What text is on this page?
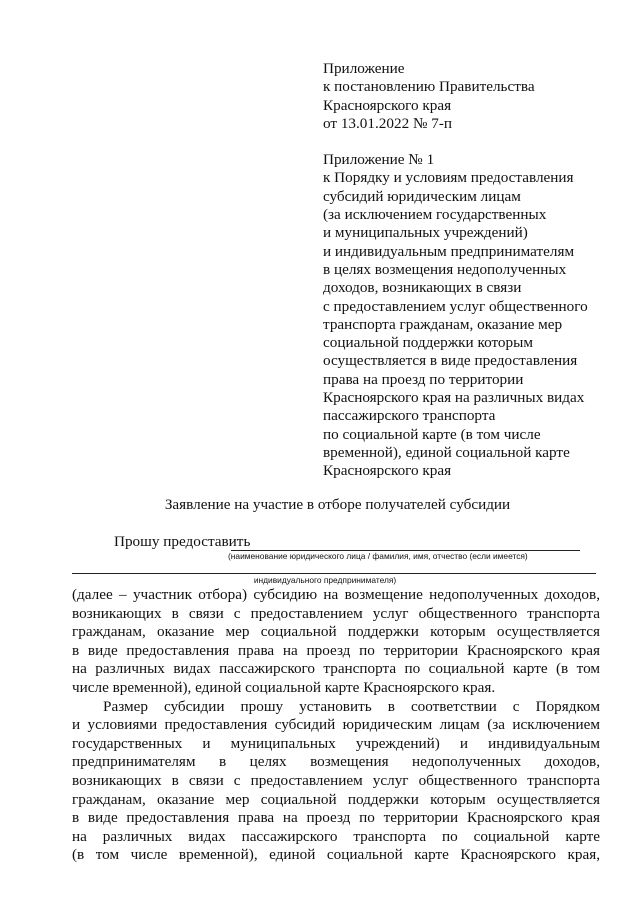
Приложение
к постановлению Правительства
Красноярского края
от 13.01.2022 № 7-п
Приложение № 1
к Порядку и условиям предоставления
субсидий юридическим лицам
(за исключением государственных
и муниципальных учреждений)
и индивидуальным предпринимателям
в целях возмещения недополученных
доходов, возникающих в связи
с предоставлением услуг общественного
транспорта гражданам, оказание мер
социальной поддержки которым
осуществляется в виде предоставления
права на проезд по территории
Красноярского края на различных видах
пассажирского транспорта
по социальной карте (в том числе
временной), единой социальной карте
Красноярского края
Заявление на участие в отборе получателей субсидии
Прошу предоставить
(наименование юридического лица / фамилия, имя, отчество (если имеется)
индивидуального предпринимателя)
(далее – участник отбора) субсидию на возмещение недополученных доходов,
возникающих в связи с предоставлением услуг общественного транспорта
гражданам, оказание мер социальной поддержки которым осуществляется
в виде предоставления права на проезд по территории Красноярского края
на различных видах пассажирского транспорта по социальной карте (в том
числе временной), единой социальной карте Красноярского края.
Размер субсидии прошу установить в соответствии с Порядком
и условиями предоставления субсидий юридическим лицам (за исключением
государственных и муниципальных учреждений) и индивидуальным
предпринимателям в целях возмещения недополученных доходов,
возникающих в связи с предоставлением услуг общественного транспорта
гражданам, оказание мер социальной поддержки которым осуществляется
в виде предоставления права на проезд по территории Красноярского края
на различных видах пассажирского транспорта по социальной карте
(в том числе временной), единой социальной карте Красноярского края,
